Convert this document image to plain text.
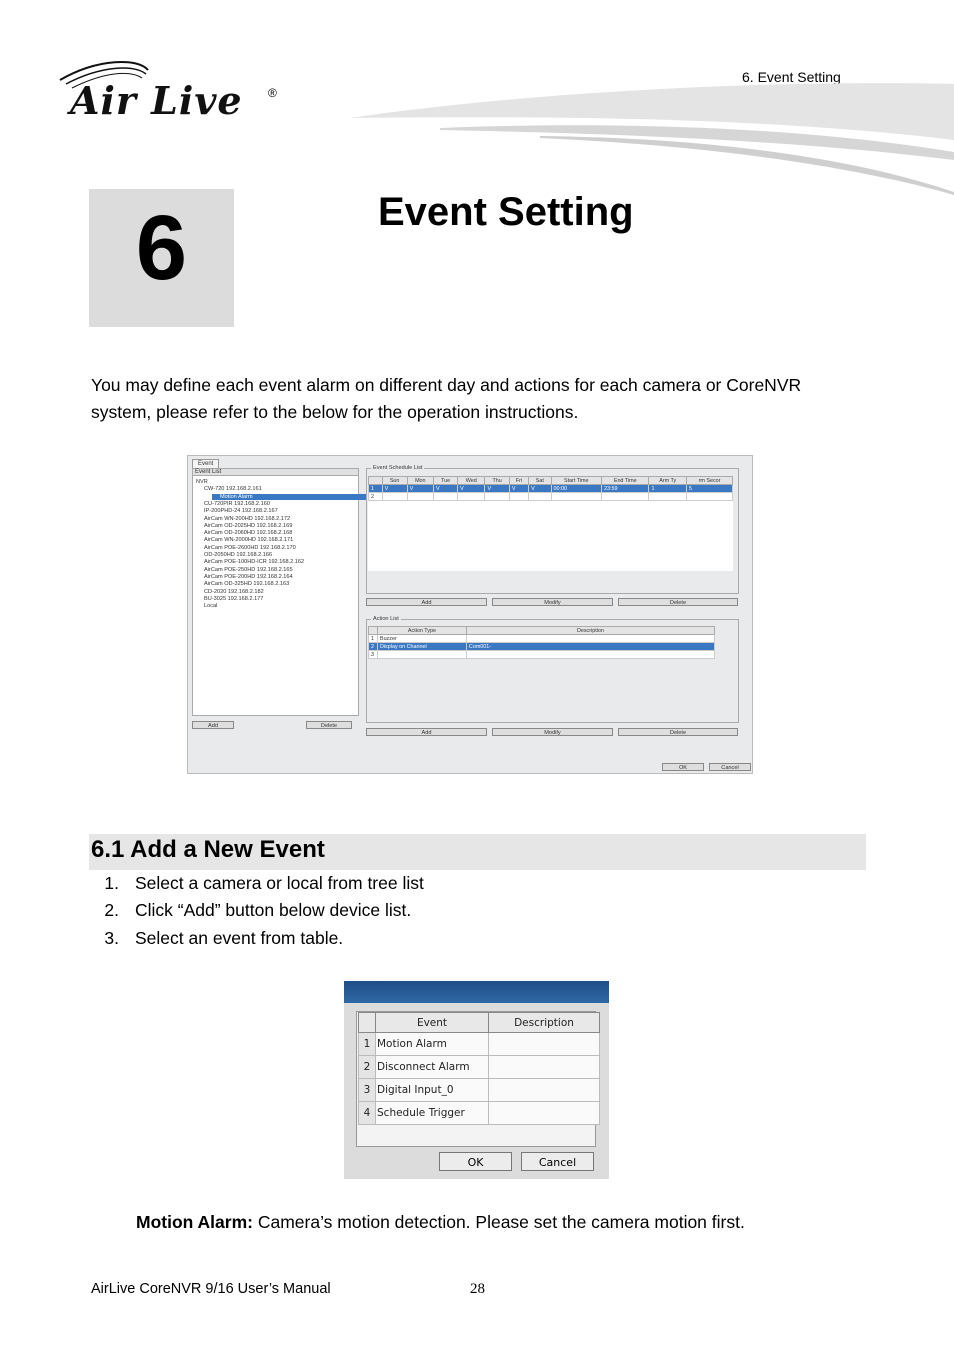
Air Live ®
6. Event Setting
6	Event Setting
You may define each event alarm on different day and actions for each camera or CoreNVR system, please refer to the below for the operation instructions.
Event
Event List
NVR
CW-720 192.168.2.161
Motion Alarm
CU-720PIR 192.168.2.160
IP-200PHD-24 192.168.2.167
AirCam WN-200HD 192.168.2.172
AirCam OD-2025HD 192.168.2.169
AirCam OD-2060HD 192.168.2.168
AirCam WN-2000HD 192.168.2.171
AirCam POE-2600HD 192.168.2.170
OD-2050HD 192.168.2.166
AirCam POE-100HD-ICR 192.168.2.162
AirCam POE-250HD 192.168.2.165
AirCam POE-200HD 192.168.2.164
AirCam OD-325HD 192.168.2.163
CD-2020 192.168.2.182
BU-3025 192.168.2.177
Local
Add	Delete
Event Schedule List
	Sun	Mon	Tue	Wed	Thu	Fri	Sat	Start Time	End Time	Arm Ty	rm Secor
1	V	V	V	V	V	V	V	00:00	23:59	1	5
2											

Add	Modify	Delete
Action List
	Action Type	Description
1	Buzzer	
2	Display on Channel	Com001-
3		
Add	Modify	Delete
OK	Cancel
6.1 Add a New Event
1. Select a camera or local from tree list
2. Click “Add” button below device list.
3. Select an event from table.
	Event	Description
1	Motion Alarm	
2	Disconnect Alarm	
3	Digital Input_0	
4	Schedule Trigger	
OK	Cancel
Motion Alarm: Camera’s motion detection. Please set the camera motion first.
AirLive CoreNVR 9/16 User’s Manual	28
